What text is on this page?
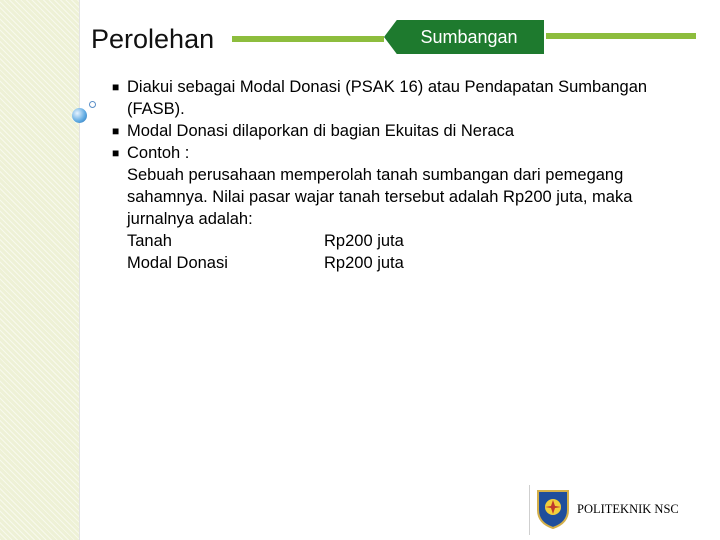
Perolehan	Sumbangan
■ Diakui sebagai Modal Donasi (PSAK 16) atau Pendapatan Sumbangan (FASB).
■ Modal Donasi dilaporkan di bagian Ekuitas di Neraca
■ Contoh :
Sebuah perusahaan memperolah tanah sumbangan dari pemegang sahamnya. Nilai pasar wajar tanah tersebut adalah Rp200 juta, maka jurnalnya adalah:
Tanah	Rp200 juta
Modal Donasi	Rp200 juta
POLITEKNIK NSC
